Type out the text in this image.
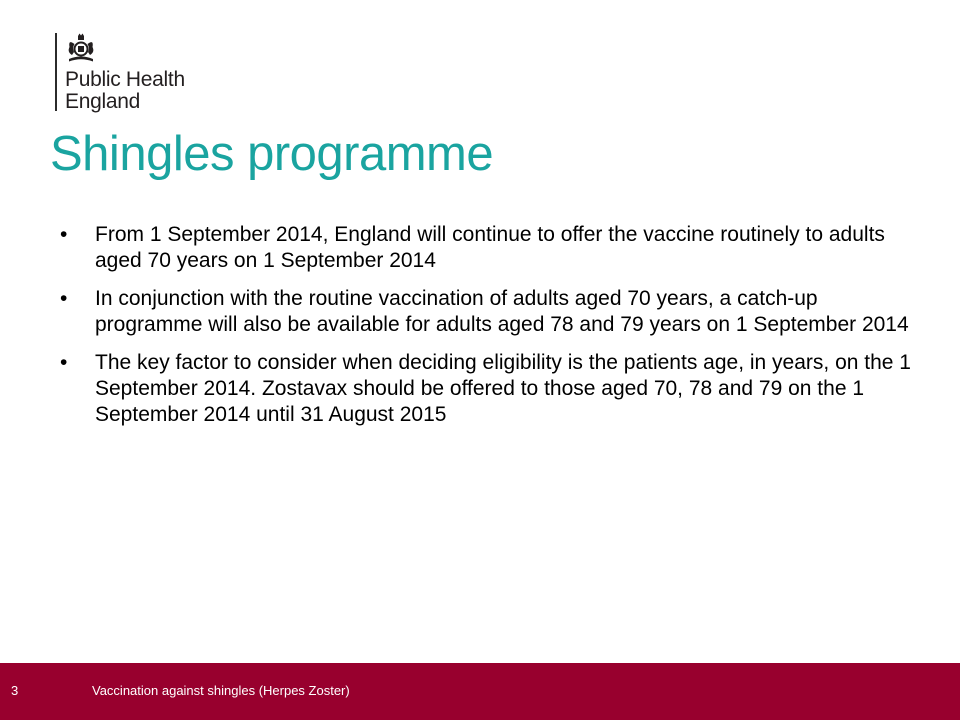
Public Health
England
Shingles programme
• From 1 September 2014, England will continue to offer the vaccine routinely to adults aged 70 years on 1 September 2014
• In conjunction with the routine vaccination of adults aged 70 years, a catch-up programme will also be available for adults aged 78 and 79 years on 1 September 2014
• The key factor to consider when deciding eligibility is the patients age, in years, on the 1 September 2014. Zostavax should be offered to those aged 70, 78 and 79 on the 1 September 2014 until 31 August 2015
3	Vaccination against shingles (Herpes Zoster)
